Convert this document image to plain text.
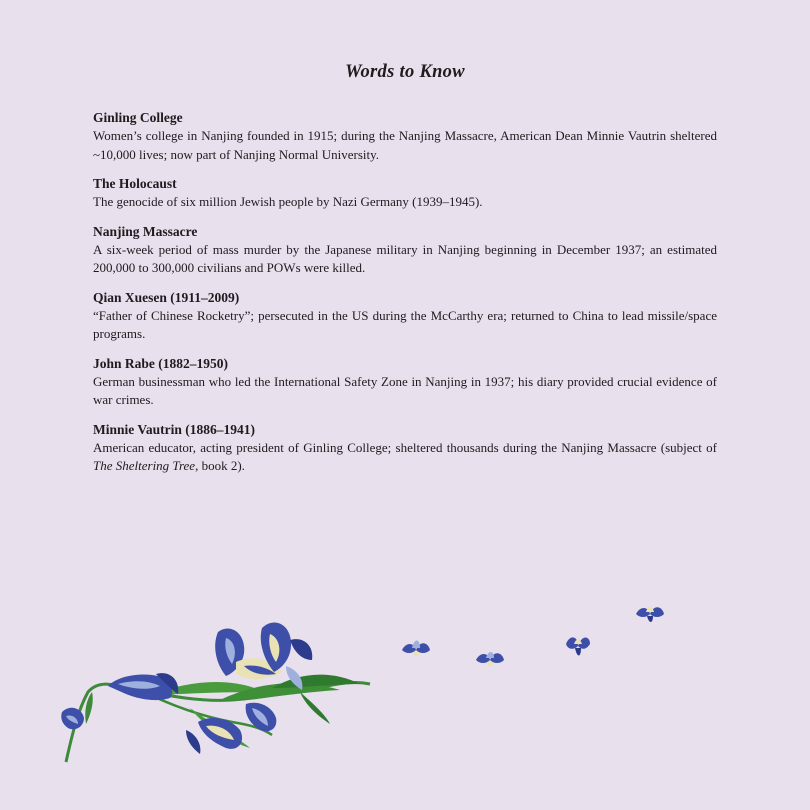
Words to Know
Ginling College
Women’s college in Nanjing founded in 1915; during the Nanjing Massacre, American Dean Minnie Vautrin sheltered ~10,000 lives; now part of Nanjing Normal University.
The Holocaust
The genocide of six million Jewish people by Nazi Germany (1939–1945).
Nanjing Massacre
A six-week period of mass murder by the Japanese military in Nanjing beginning in December 1937; an estimated 200,000 to 300,000 civilians and POWs were killed.
Qian Xuesen (1911–2009)
“Father of Chinese Rocketry”; persecuted in the US during the McCarthy era; returned to China to lead missile/space programs.
John Rabe (1882–1950)
German businessman who led the International Safety Zone in Nanjing in 1937; his diary provided crucial evidence of war crimes.
Minnie Vautrin (1886–1941)
American educator, acting president of Ginling College; sheltered thousands during the Nanjing Massacre (subject of The Sheltering Tree, book 2).
